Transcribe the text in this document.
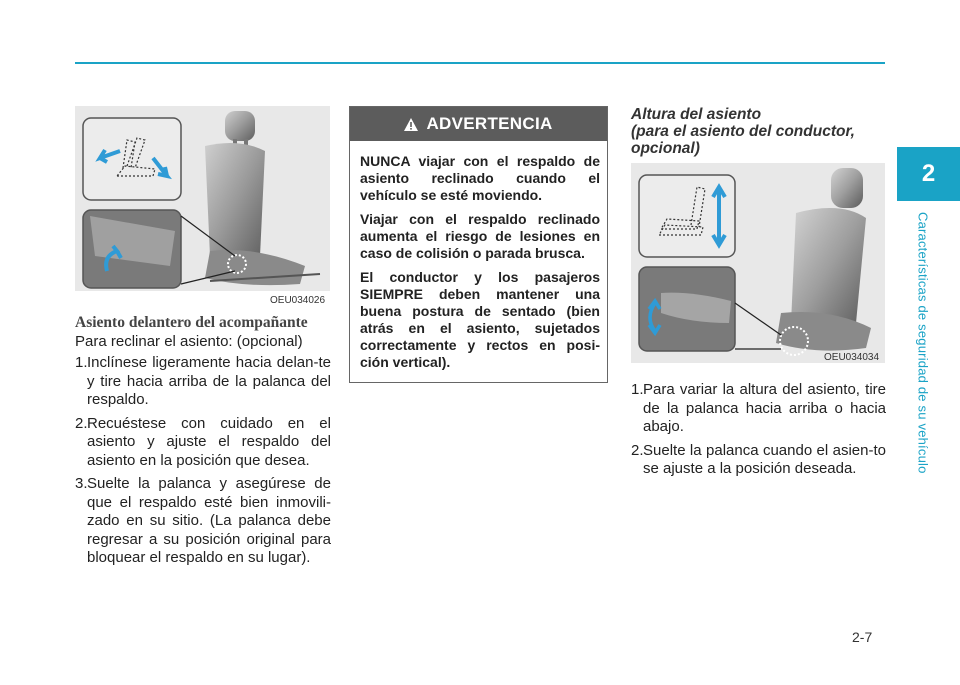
2
Características de seguridad de su vehículo
2-7
OEU034026

Asiento delantero del acompañante

Para reclinar el asiento: (opcional)

1. Inclínese ligeramente hacia delan-te y tire hacia arriba de la palanca del respaldo.
2. Recuéstese con cuidado en el asiento y ajuste el respaldo del asiento en la posición que desea.
3. Suelte la palanca y asegúrese de que el respaldo esté bien inmovili-zado en su sitio. (La palanca debe regresar a su posición original para bloquear el respaldo en su lugar).
ADVERTENCIA

NUNCA viajar con el respaldo de asiento reclinado cuando el vehículo se esté moviendo.

Viajar con el respaldo reclinado aumenta el riesgo de lesiones en caso de colisión o parada brusca.

El conductor y los pasajeros SIEMPRE deben mantener una buena postura de sentado (bien atrás en el asiento, sujetados correctamente y rectos en posi-ción vertical).

Altura del asiento
(para el asiento del conductor,
opcional)
OEU034034
1. Para variar la altura del asiento, tire de la palanca hacia arriba o hacia abajo.
2. Suelte la palanca cuando el asien-to se ajuste a la posición deseada.
